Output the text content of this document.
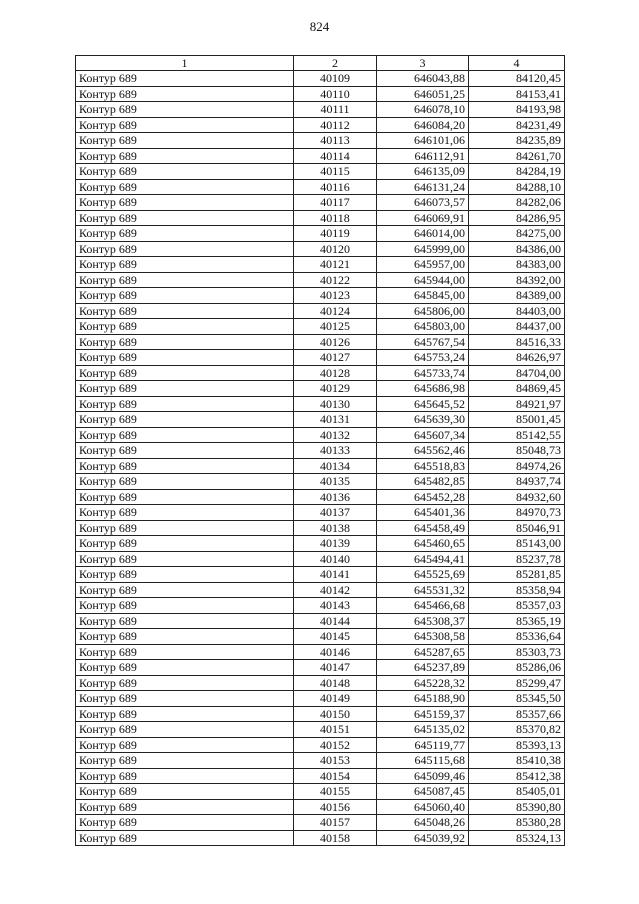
824
1	2	3	4
Контур 689	40109	646043,88	84120,45
Контур 689	40110	646051,25	84153,41
Контур 689	40111	646078,10	84193,98
Контур 689	40112	646084,20	84231,49
Контур 689	40113	646101,06	84235,89
Контур 689	40114	646112,91	84261,70
Контур 689	40115	646135,09	84284,19
Контур 689	40116	646131,24	84288,10
Контур 689	40117	646073,57	84282,06
Контур 689	40118	646069,91	84286,95
Контур 689	40119	646014,00	84275,00
Контур 689	40120	645999,00	84386,00
Контур 689	40121	645957,00	84383,00
Контур 689	40122	645944,00	84392,00
Контур 689	40123	645845,00	84389,00
Контур 689	40124	645806,00	84403,00
Контур 689	40125	645803,00	84437,00
Контур 689	40126	645767,54	84516,33
Контур 689	40127	645753,24	84626,97
Контур 689	40128	645733,74	84704,00
Контур 689	40129	645686,98	84869,45
Контур 689	40130	645645,52	84921,97
Контур 689	40131	645639,30	85001,45
Контур 689	40132	645607,34	85142,55
Контур 689	40133	645562,46	85048,73
Контур 689	40134	645518,83	84974,26
Контур 689	40135	645482,85	84937,74
Контур 689	40136	645452,28	84932,60
Контур 689	40137	645401,36	84970,73
Контур 689	40138	645458,49	85046,91
Контур 689	40139	645460,65	85143,00
Контур 689	40140	645494,41	85237,78
Контур 689	40141	645525,69	85281,85
Контур 689	40142	645531,32	85358,94
Контур 689	40143	645466,68	85357,03
Контур 689	40144	645308,37	85365,19
Контур 689	40145	645308,58	85336,64
Контур 689	40146	645287,65	85303,73
Контур 689	40147	645237,89	85286,06
Контур 689	40148	645228,32	85299,47
Контур 689	40149	645188,90	85345,50
Контур 689	40150	645159,37	85357,66
Контур 689	40151	645135,02	85370,82
Контур 689	40152	645119,77	85393,13
Контур 689	40153	645115,68	85410,38
Контур 689	40154	645099,46	85412,38
Контур 689	40155	645087,45	85405,01
Контур 689	40156	645060,40	85390,80
Контур 689	40157	645048,26	85380,28
Контур 689	40158	645039,92	85324,13
